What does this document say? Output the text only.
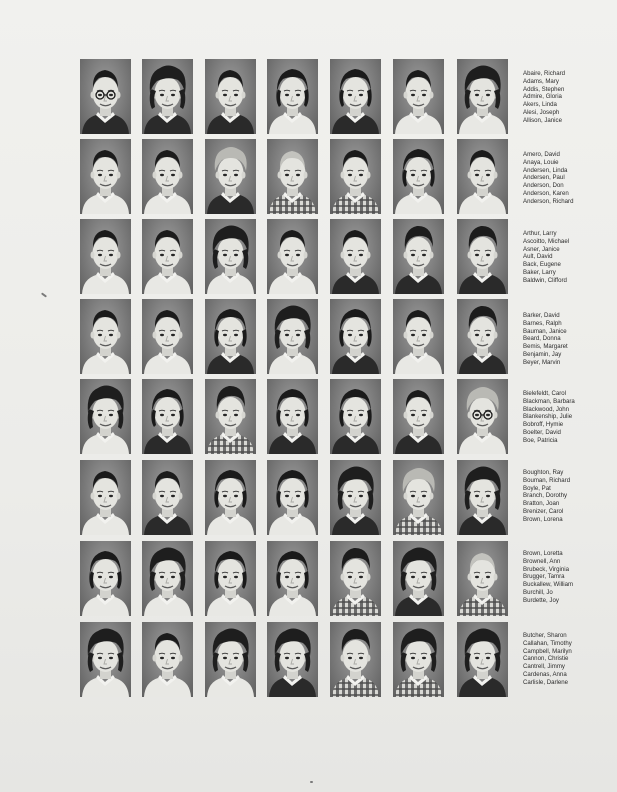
Abaire, Richard
Adams, Mary
Addis, Stephen
Admire, Gloria
Akers, Linda
Alesi, Joseph
Allison, Janice
Amero, David
Anaya, Louie
Andersen, Linda
Andersen, Paul
Anderson, Don
Anderson, Karen
Anderson, Richard
Arthur, Larry
Ascoitto, Michael
Asner, Janice
Ault, David
Back, Eugene
Baker, Larry
Baldwin, Clifford
Barker, David
Barnes, Ralph
Bauman, Janice
Beard, Donna
Bemis, Margaret
Benjamin, Jay
Beyer, Marvin
Bielefeldt, Carol
Blackman, Barbara
Blackwood, John
Blankenship, Julie
Bobroff, Hymie
Boelter, David
Boe, Patricia
Boughton, Ray
Bouman, Richard
Boyle, Pat
Branch, Dorothy
Bratton, Joan
Brenizer, Carol
Brown, Lorena
Brown, Loretta
Brownell, Ann
Brubeck, Virginia
Brugger, Tamra
Buckallew, William
Burchill, Jo
Burdette, Joy
Butcher, Sharon
Callahan, Timothy
Campbell, Marilyn
Cannon, Christie
Cantrell, Jimmy
Cardenas, Anna
Carlisle, Darlene
